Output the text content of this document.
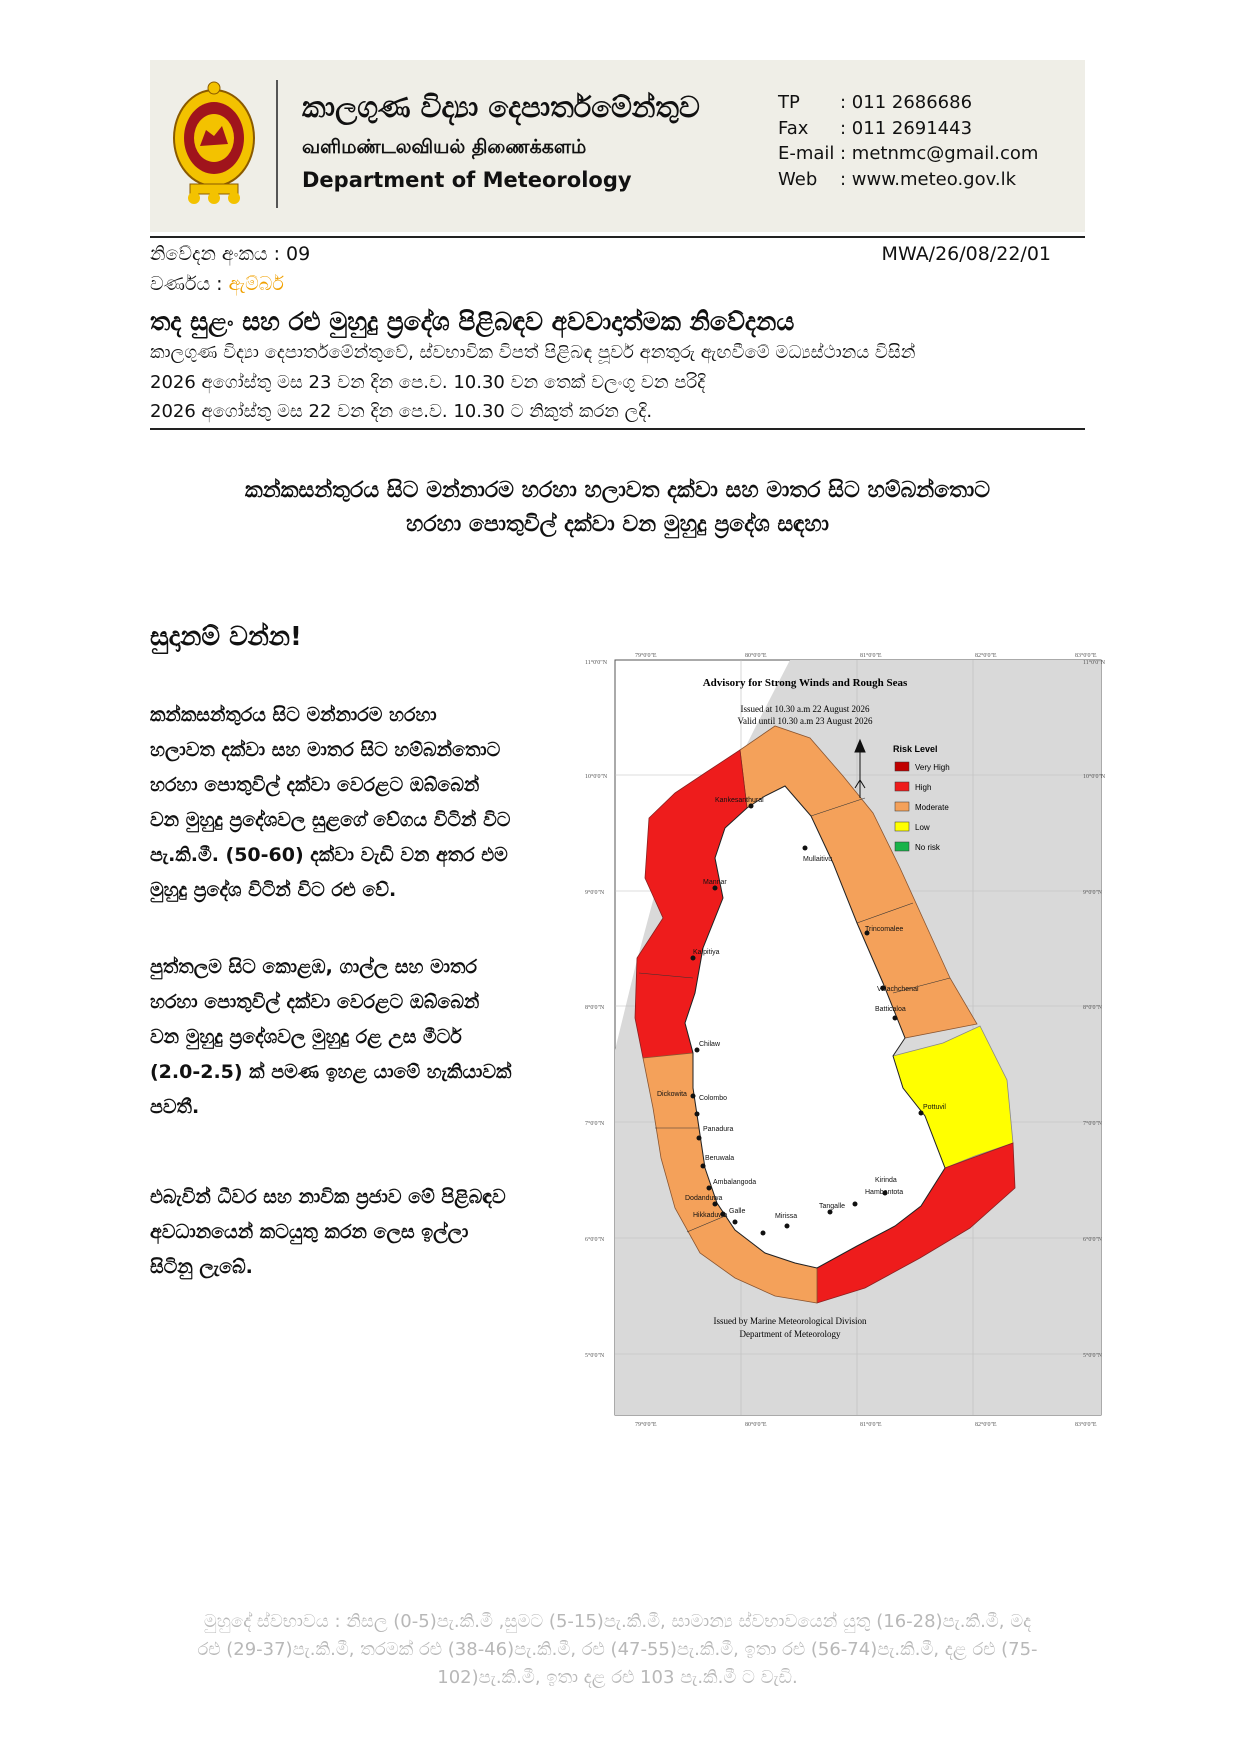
කාලගුණ විද්‍යා දෙපාර්තමේන්තුව
வளிமண்டலவியல் திணைக்களம்
Department of Meteorology
TP : 011 2686686
Fax : 011 2691443
E-mail : metnmc@gmail.com
Web : www.meteo.gov.lk
නිවේදන අංකය : 09	MWA/26/08/22/01
වර්ණය : ඇම්බර්
තද සුළං සහ රළු මුහුදු ප්‍රදේශ පිළිබඳව අවවාදාත්මක නිවේදනය
කාලගුණ විද්‍යා දෙපාර්තමේන්තුවේ, ස්වභාවික විපත් පිළිබඳ පූර්ව අනතුරු ඇඟවීමේ මධ්‍යස්ථානය විසින්
2026 අගෝස්තු මස 23 වන දින පෙ.ව. 10.30 වන තෙක් වලංගු වන පරිදි
2026 අගෝස්තු මස 22 වන දින පෙ.ව. 10.30 ට නිකුත් කරන ලදි.
කන්කසන්තුරය සිට මන්නාරම හරහා හලාවත දක්වා සහ මාතර සිට හම්බන්තොට
හරහා පොතුවිල් දක්වා වන මුහුදු ප්‍රදේශ සඳහා
සුදානම් වන්න!
කන්කසන්තුරය සිට මන්නාරම හරහා
හලාවත දක්වා සහ මාතර සිට හම්බන්තොට
හරහා පොතුවිල් දක්වා වෙරළට ඔබ්බෙන්
වන මුහුදු ප්‍රදේශවල සුළගේ වේගය විටින් විට
පැ.කි.මී. (50-60) දක්වා වැඩි වන අතර එම
මුහුදු ප්‍රදේශ විටින් විට රළු වේ.
පුත්තලම සිට කොළඹ, ගාල්ල සහ මාතර
හරහා පොතුවිල් දක්වා වෙරළට ඔබ්බෙන්
වන මුහුදු ප්‍රදේශවල මුහුදු රළ උස මීටර්
(2.0-2.5) ක් පමණ ඉහළ යාමේ හැකියාවක්
පවතී.
එබැවින් ධීවර සහ නාවික ප්‍රජාව මේ පිළිබඳව
අවධානයෙන් කටයුතු කරන ලෙස ඉල්ලා
සිටිනු ලැබේ.
79°0'0"E	80°0'0"E	81°0'0"E	82°0'0"E	83°0'0"E
79°0'0"E	80°0'0"E	81°0'0"E	82°0'0"E	83°0'0"E
11°0'0"N
10°0'0"N
9°0'0"N
8°0'0"N
7°0'0"N
6°0'0"N
5°0'0"N
11°0'0"N
10°0'0"N
9°0'0"N
8°0'0"N
7°0'0"N
6°0'0"N
5°0'0"N
Kankesanthurai
Mullaitivu
Mannar
Trincomalee
Kalpitiya
Valachchenai
Batticaloa
Chilaw
Pottuvil
Colombo
Dickowita
Panadura
Beruwala
Ambalangoda
Dodanduwa
Hikkaduwa
Galle
Mirissa
Tangalle
Kirinda
Hambantota
Advisory for Strong Winds and Rough Seas
Issued at 10.30 a.m 22 August 2026
Valid until 10.30 a.m 23 August 2026
Risk Level
Very High
High
Moderate
Low
No risk
Issued by Marine Meteorological Division
Department of Meteorology
මුහුදේ ස්වභාවය : නිසල (0-5)පැ.කි.මී ,සුමට (5-15)පැ.කි.මී, සාමාන්‍ය ස්වභාවයෙන් යුතු (16-28)පැ.කි.මී, මද
රළු (29-37)පැ.කි.මී, තරමක් රළු (38-46)පැ.කි.මී, රළු (47-55)පැ.කි.මී, ඉතා රළු (56-74)පැ.කි.මී, දළ රළු (75-
102)පැ.කි.මී, ඉතා දළ රළු 103 පැ.කි.මී ට වැඩි.
